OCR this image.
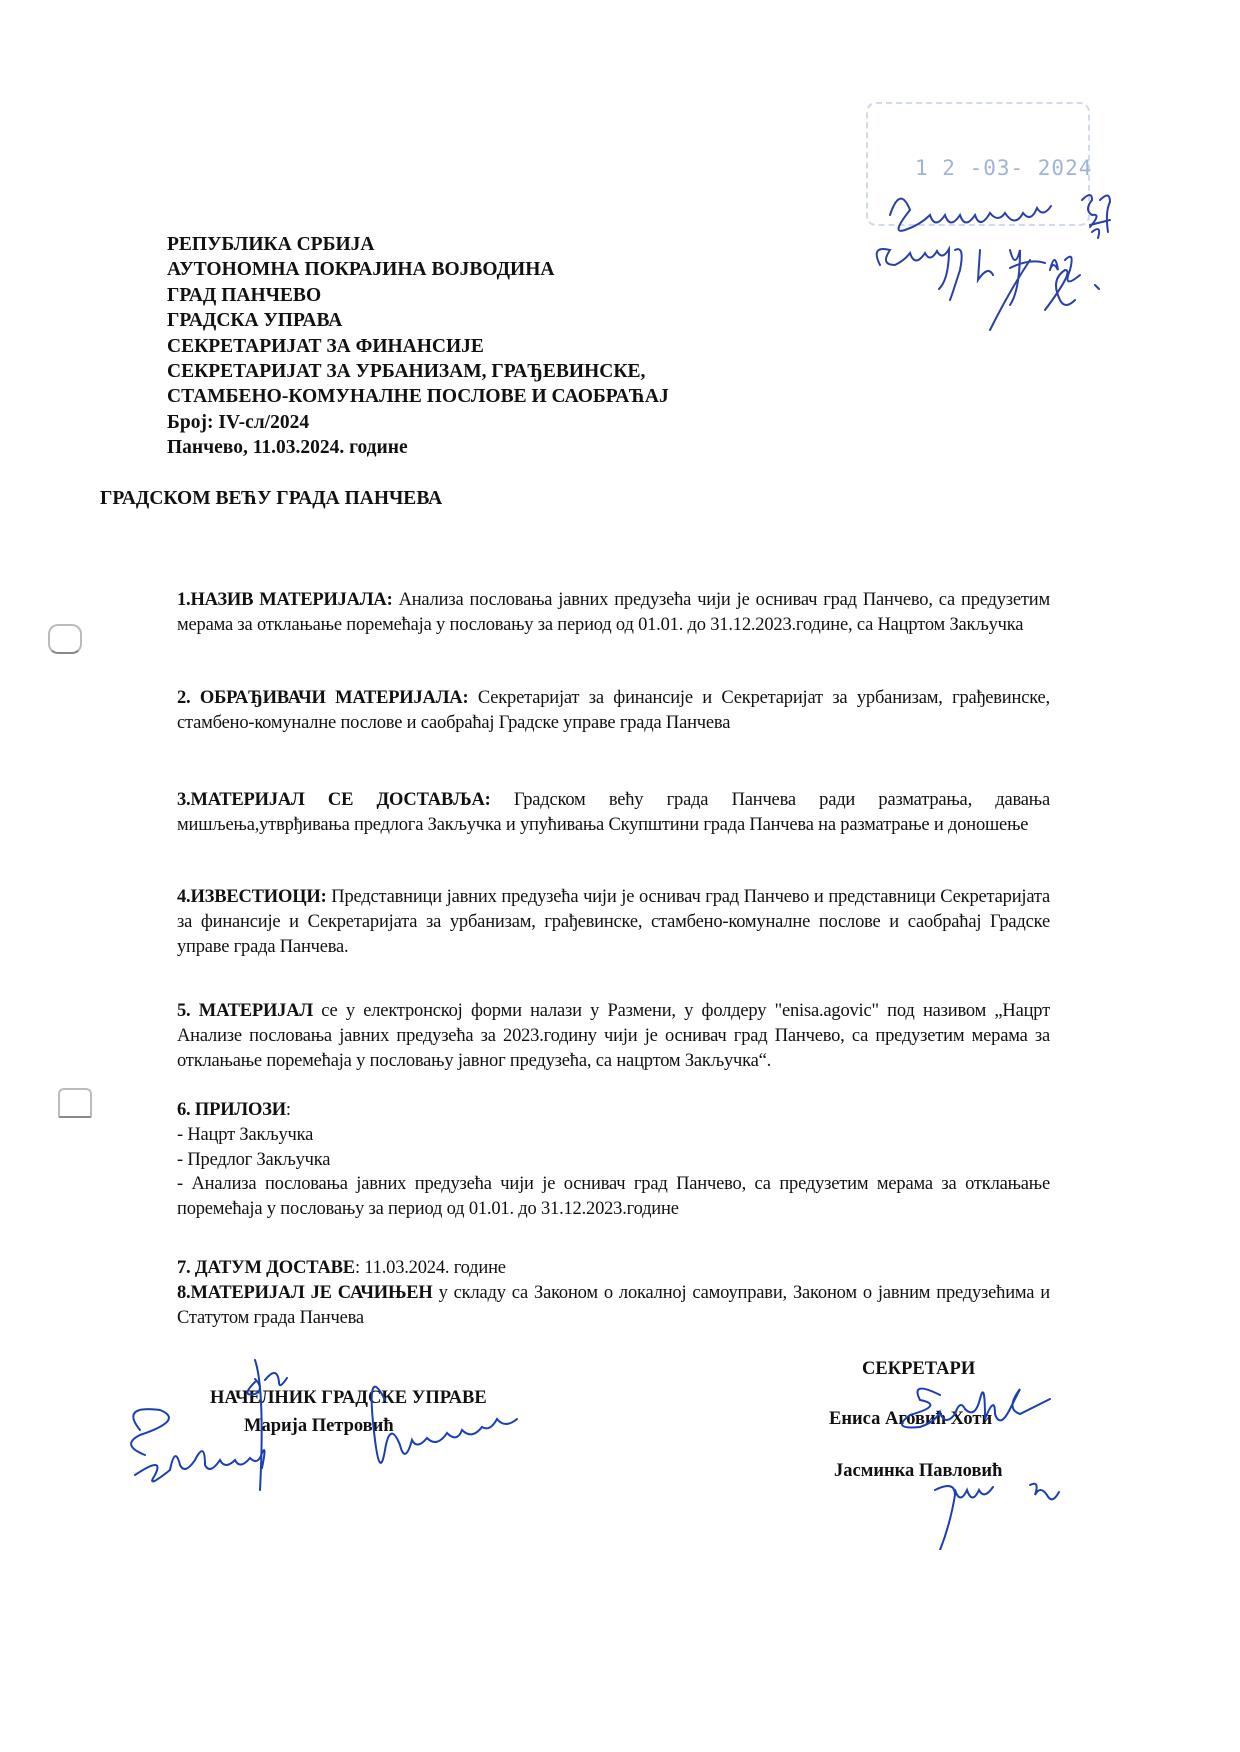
1 2 -03- 2024
РЕПУБЛИКА СРБИЈА
АУТОНОМНА ПОКРАЈИНА ВОЈВОДИНА
ГРАД ПАНЧЕВО
ГРАДСКА УПРАВА
СЕКРЕТАРИЈАТ ЗА ФИНАНСИЈЕ
СЕКРЕТАРИЈАТ ЗА УРБАНИЗАМ, ГРАЂЕВИНСКЕ,
СТАМБЕНО-КОМУНАЛНЕ ПОСЛОВЕ И САОБРАЋАЈ
Број: IV-сл/2024
Панчево, 11.03.2024. године
ГРАДСКОМ ВЕЋУ ГРАДА ПАНЧЕВА
1.НАЗИВ МАТЕРИЈАЛА: Анализа пословања јавних предузећа чији је оснивач град Панчево, са предузетим мерама за отклањање поремећаја у пословању за период од 01.01. до 31.12.2023.године, са Нацртом Закључка
2. ОБРАЂИВАЧИ МАТЕРИЈАЛА: Секретаријат за финансије и Секретаријат за урбанизам, грађевинске, стамбено-комуналне послове и саобраћај Градске управе града Панчева
3.МАТЕРИЈАЛ СЕ ДОСТАВЉА: Градском већу града Панчева ради разматрања, давања мишљења,утврђивања предлога Закључка и упућивања Скупштини града Панчева на разматрање и доношење
4.ИЗВЕСТИОЦИ: Представници јавних предузећа чији је оснивач град Панчево и представници Секретаријата за финансије и Секретаријата за урбанизам, грађевинске, стамбено-комуналне послове и саобраћај Градске управе града Панчева.
5. МАТЕРИЈАЛ се у електронској форми налази у Размени, у фолдеру "enisa.agovic" под називом „Нацрт Анализе пословања јавних предузећа за 2023.годину чији је оснивач град Панчево, са предузетим мерама за отклањање поремећаја у пословању јавног предузећа, са нацртом Закључка“.
6. ПРИЛОЗИ:
- Нацрт Закључка
- Предлог Закључка
- Анализа пословања јавних предузећа чији је оснивач град Панчево, са предузетим мерама за отклањање поремећаја у пословању за период од 01.01. до 31.12.2023.године
7. ДАТУМ ДОСТАВЕ: 11.03.2024. године
8.МАТЕРИЈАЛ ЈЕ САЧИЊЕН у складу са Законом о локалној самоуправи, Законом о јавним предузећима и Статутом града Панчева
НАЧЕЛНИК ГРАДСКЕ УПРАВЕ
Марија Петровић
СЕКРЕТАРИ
Ениса Аговић Хоти
Јасминка Павловић
